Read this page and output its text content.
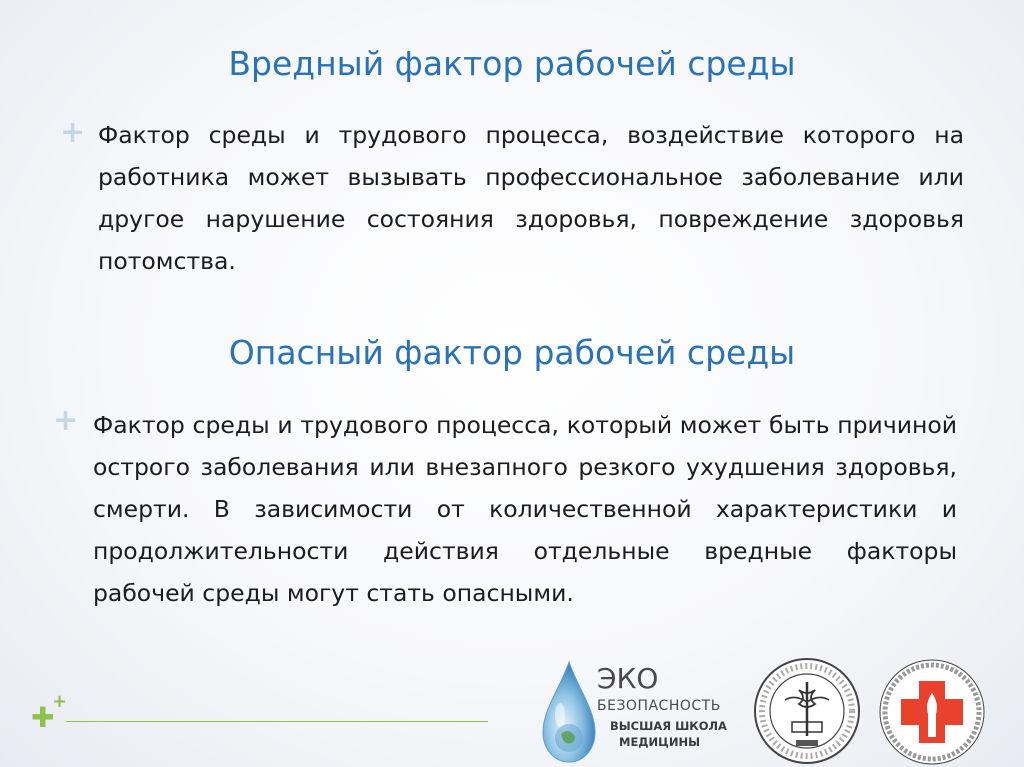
Вредный фактор рабочей среды
+ Фактор среды и трудового процесса, воздействие которого на работника может вызывать профессиональное заболевание или другое нарушение состояния здоровья, повреждение здоровья потомства.

Опасный фактор рабочей среды
+ Фактор среды и трудового процесса, который может быть причиной острого заболевания или внезапного резкого ухудшения здоровья, смерти. В зависимости от количественной характеристики и продолжительности действия отдельные вредные факторы рабочей среды могут стать опасными.

✚
+
ЭКО
БЕЗОПАСНОСТЬ
ВЫСШАЯ ШКОЛА
МЕДИЦИНЫ
